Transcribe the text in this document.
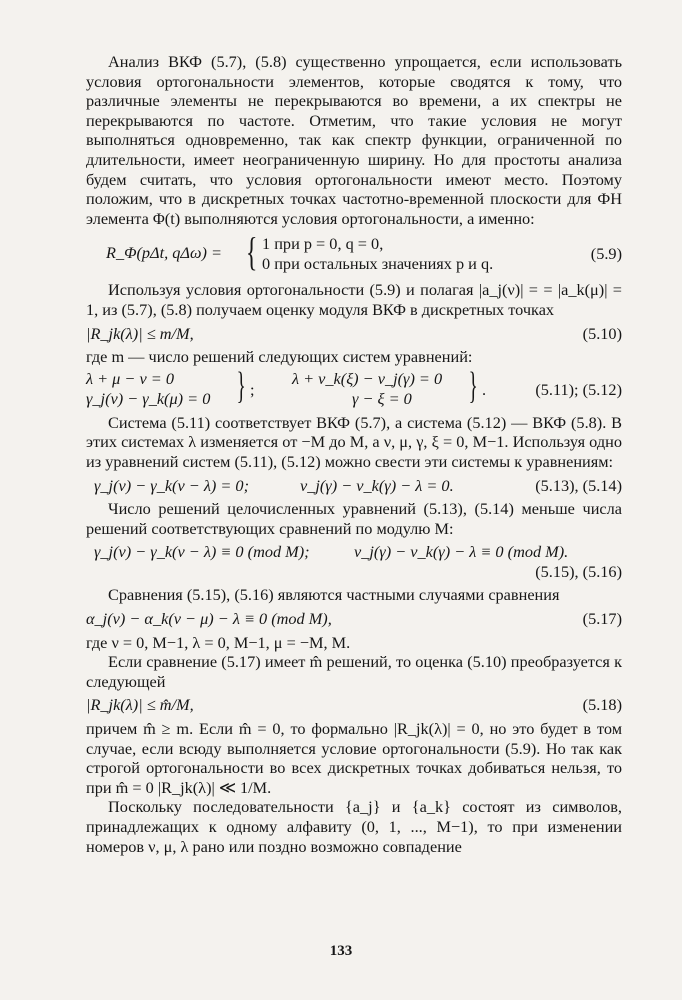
Анализ ВКФ (5.7), (5.8) существенно упрощается, если использовать условия ортогональности элементов, которые сводятся к тому, что различные элементы не перекрываются во времени, а их спектры не перекрываются по частоте. Отметим, что такие условия не могут выполняться одновременно, так как спектр функции, ограниченной по длительности, имеет неограниченную ширину. Но для простоты анализа будем считать, что условия ортогональности имеют место. Поэтому положим, что в дискретных точках частотно-временной плоскости для ФН элемента Φ(t) выполняются условия ортогональности, а именно:

R_Φ(pΔt, qΔω) = { 1 при p = 0, q = 0,
0 при остальных значениях p и q.
(5.9)

Используя условия ортогональности (5.9) и полагая |a_j(ν)| = = |a_k(μ)| = 1, из (5.7), (5.8) получаем оценку модуля ВКФ в дискретных точках

|R_jk(λ)| ≤ m/M,	(5.10)

где m — число решений следующих систем уравнений:

λ + μ − ν = 0
γ_j(ν) − γ_k(μ) = 0 } ;
λ + ν_k(ξ) − ν_j(γ) = 0
γ − ξ = 0 } .	(5.11); (5.12)

Система (5.11) соответствует ВКФ (5.7), а система (5.12) — ВКФ (5.8). В этих системах λ изменяется от −M до M, а ν, μ, γ, ξ = 0, M−1. Используя одно из уравнений систем (5.11), (5.12) можно свести эти системы к уравнениям:

γ_j(ν) − γ_k(ν − λ) = 0;	ν_j(γ) − ν_k(γ) − λ = 0.	(5.13), (5.14)

Число решений целочисленных уравнений (5.13), (5.14) меньше числа решений соответствующих сравнений по модулю M:

γ_j(ν) − γ_k(ν − λ) ≡ 0 (mod M);	ν_j(γ) − ν_k(γ) − λ ≡ 0 (mod M).
(5.15), (5.16)

Сравнения (5.15), (5.16) являются частными случаями сравнения

α_j(ν) − α_k(ν − μ) − λ ≡ 0 (mod M),	(5.17)

где ν = 0, M−1, λ = 0, M−1, μ = −M, M.

Если сравнение (5.17) имеет m̂ решений, то оценка (5.10) преобразуется к следующей

|R_jk(λ)| ≤ m̂/M,	(5.18)

причем m̂ ≥ m. Если m̂ = 0, то формально |R_jk(λ)| = 0, но это будет в том случае, если всюду выполняется условие ортогональности (5.9). Но так как строгой ортогональности во всех дискретных точках добиваться нельзя, то при m̂ = 0 |R_jk(λ)| ≪ 1/M.

Поскольку последовательности {a_j} и {a_k} состоят из символов, принадлежащих к одному алфавиту (0, 1, ..., M−1), то при изменении номеров ν, μ, λ рано или поздно возможно совпадение

133
